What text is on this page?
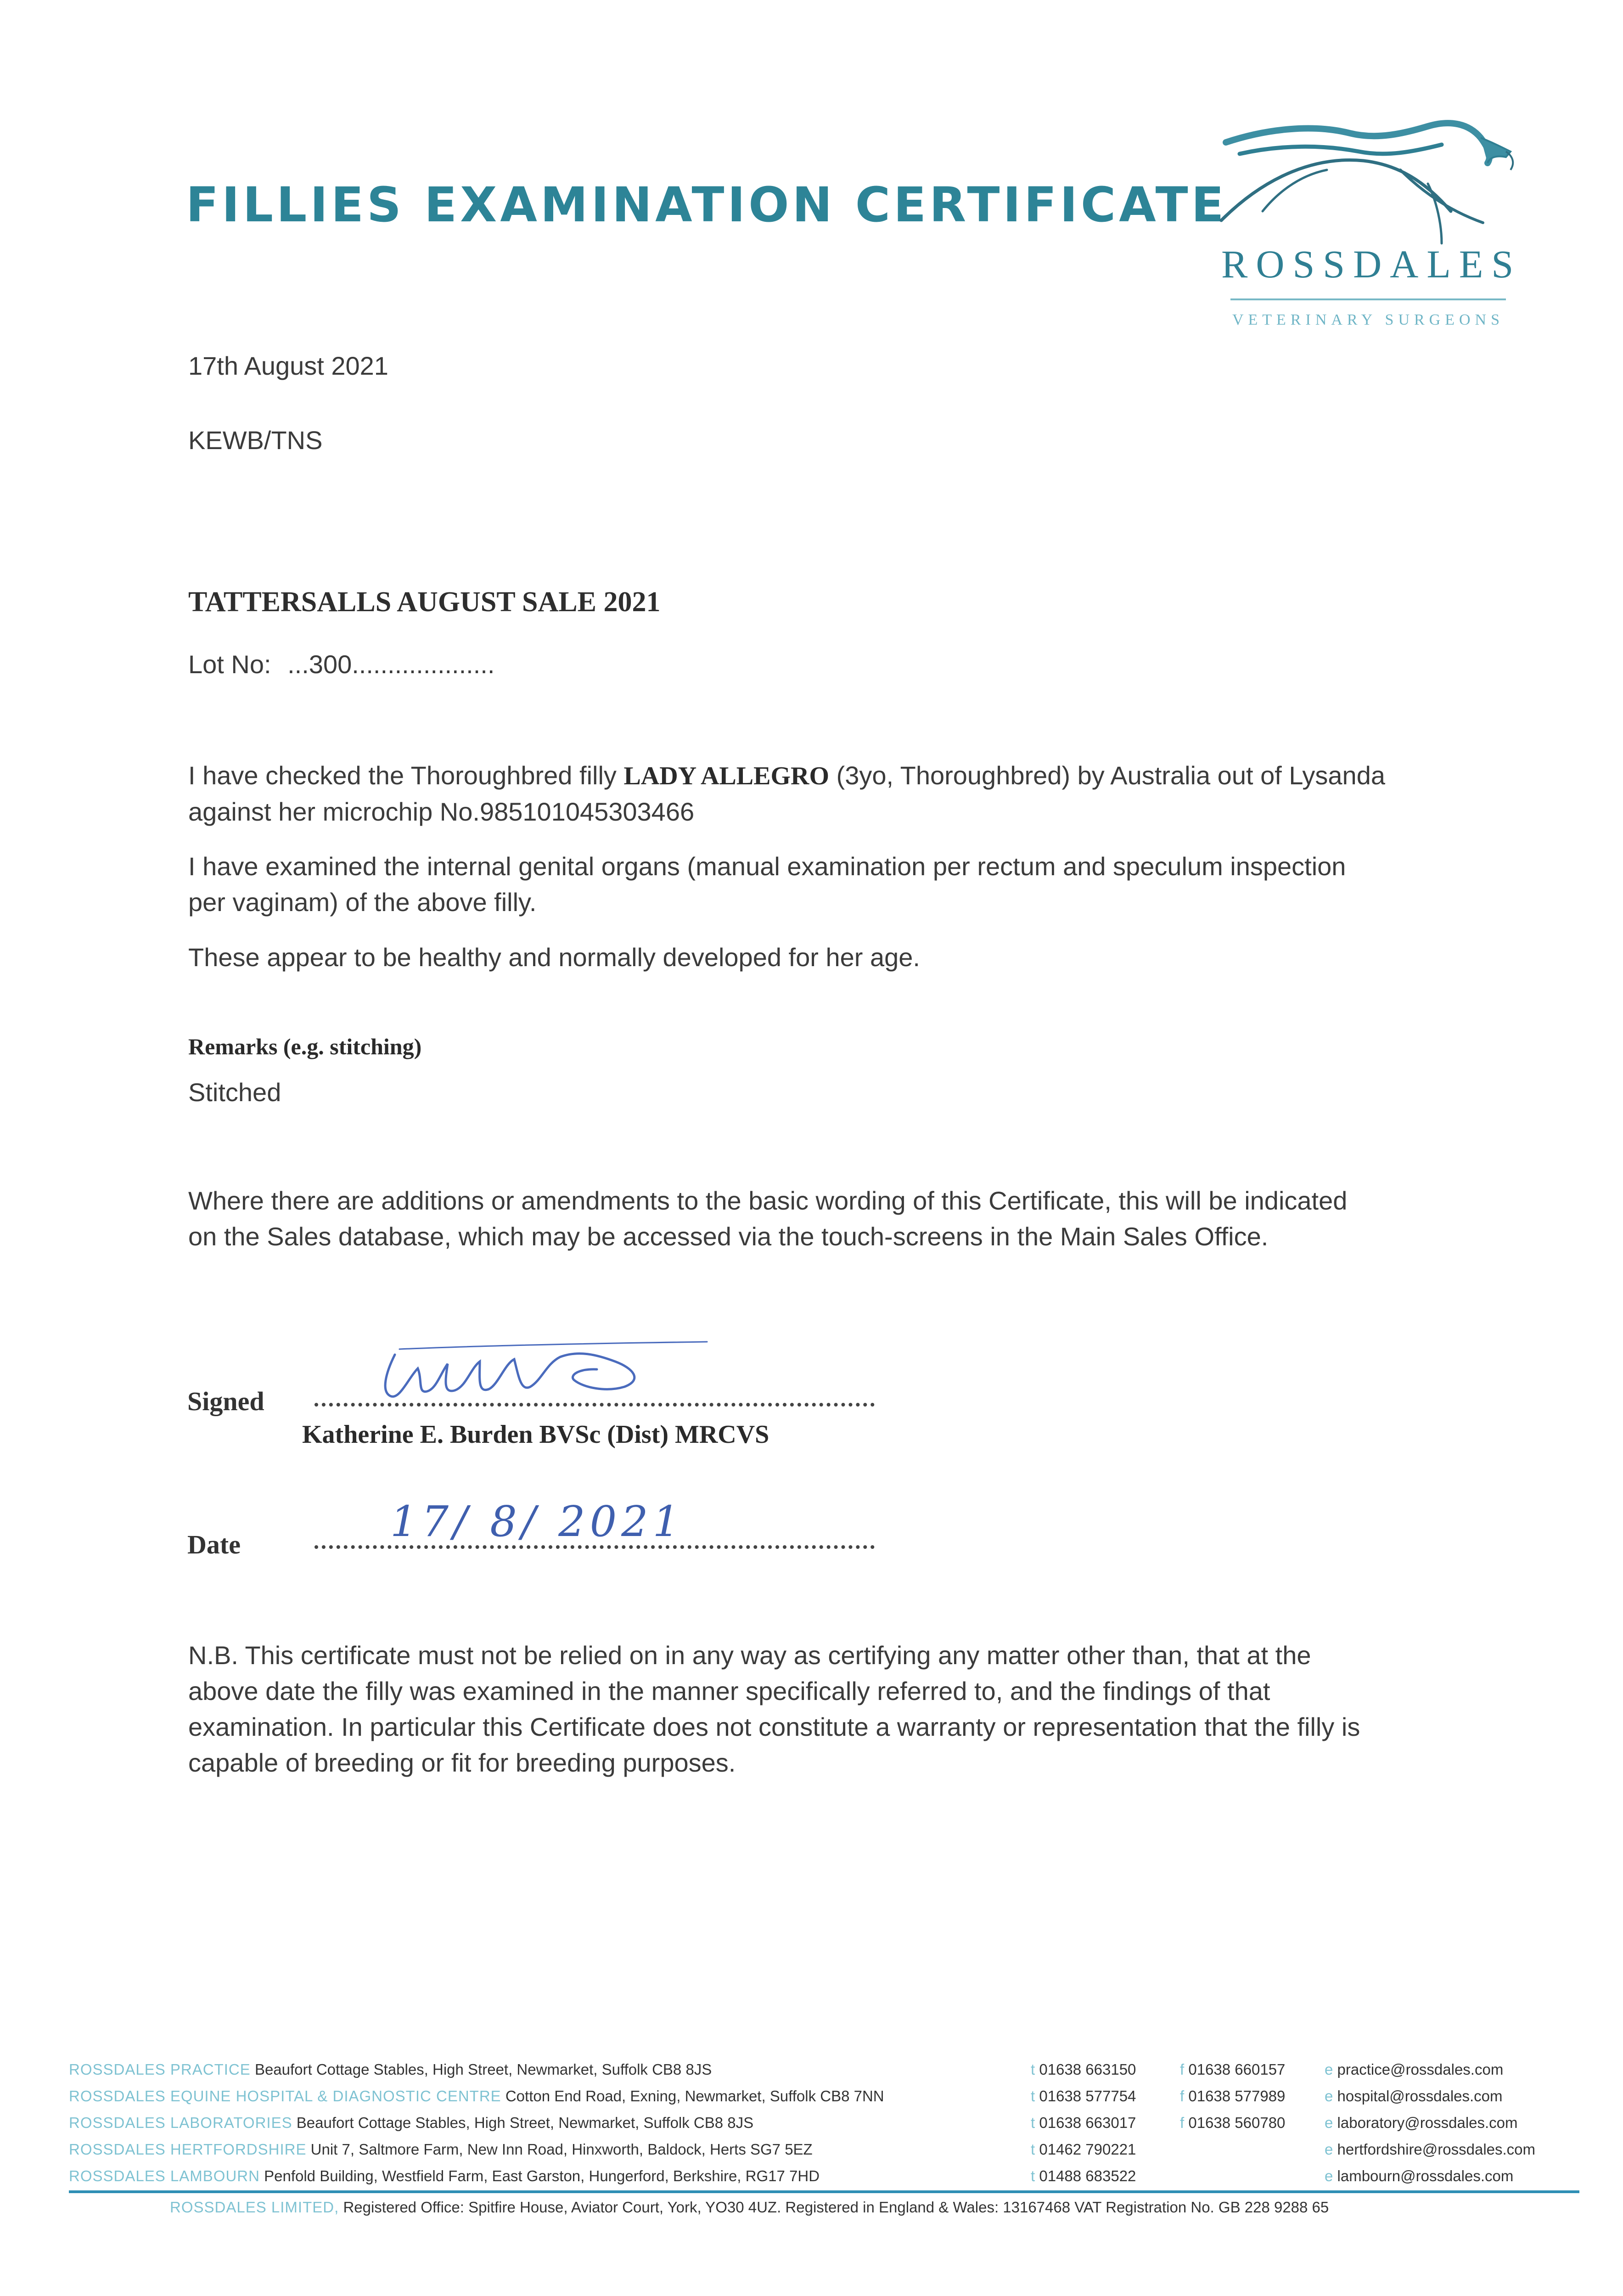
FILLIES EXAMINATION CERTIFICATE
ROSSDALES
VETERINARY SURGEONS
17th August 2021
KEWB/TNS
TATTERSALLS AUGUST SALE 2021
Lot No: ...300....................
I have checked the Thoroughbred filly LADY ALLEGRO (3yo, Thoroughbred) by Australia out of Lysanda
against her microchip No.985101045303466
I have examined the internal genital organs (manual examination per rectum and speculum inspection
per vaginam) of the above filly.
These appear to be healthy and normally developed for her age.
Remarks (e.g. stitching)
Stitched
Where there are additions or amendments to the basic wording of this Certificate, this will be indicated
on the Sales database, which may be accessed via the touch-screens in the Main Sales Office.
Signed
Katherine E. Burden BVSc (Dist) MRCVS
Date	17/ 8/ 2021
N.B. This certificate must not be relied on in any way as certifying any matter other than, that at the
above date the filly was examined in the manner specifically referred to, and the findings of that
examination. In particular this Certificate does not constitute a warranty or representation that the filly is
capable of breeding or fit for breeding purposes.
ROSSDALES PRACTICE Beaufort Cottage Stables, High Street, Newmarket, Suffolk CB8 8JS
ROSSDALES EQUINE HOSPITAL & DIAGNOSTIC CENTRE Cotton End Road, Exning, Newmarket, Suffolk CB8 7NN
ROSSDALES LABORATORIES Beaufort Cottage Stables, High Street, Newmarket, Suffolk CB8 8JS
ROSSDALES HERTFORDSHIRE Unit 7, Saltmore Farm, New Inn Road, Hinxworth, Baldock, Herts SG7 5EZ
ROSSDALES LAMBOURN Penfold Building, Westfield Farm, East Garston, Hungerford, Berkshire, RG17 7HD
t 01638 663150
t 01638 577754
t 01638 663017
t 01462 790221
t 01488 683522
f 01638 660157
f 01638 577989
f 01638 560780
e practice@rossdales.com
e hospital@rossdales.com
e laboratory@rossdales.com
e hertfordshire@rossdales.com
e lambourn@rossdales.com
ROSSDALES LIMITED, Registered Office: Spitfire House, Aviator Court, York, YO30 4UZ. Registered in England & Wales: 13167468 VAT Registration No. GB 228 9288 65
